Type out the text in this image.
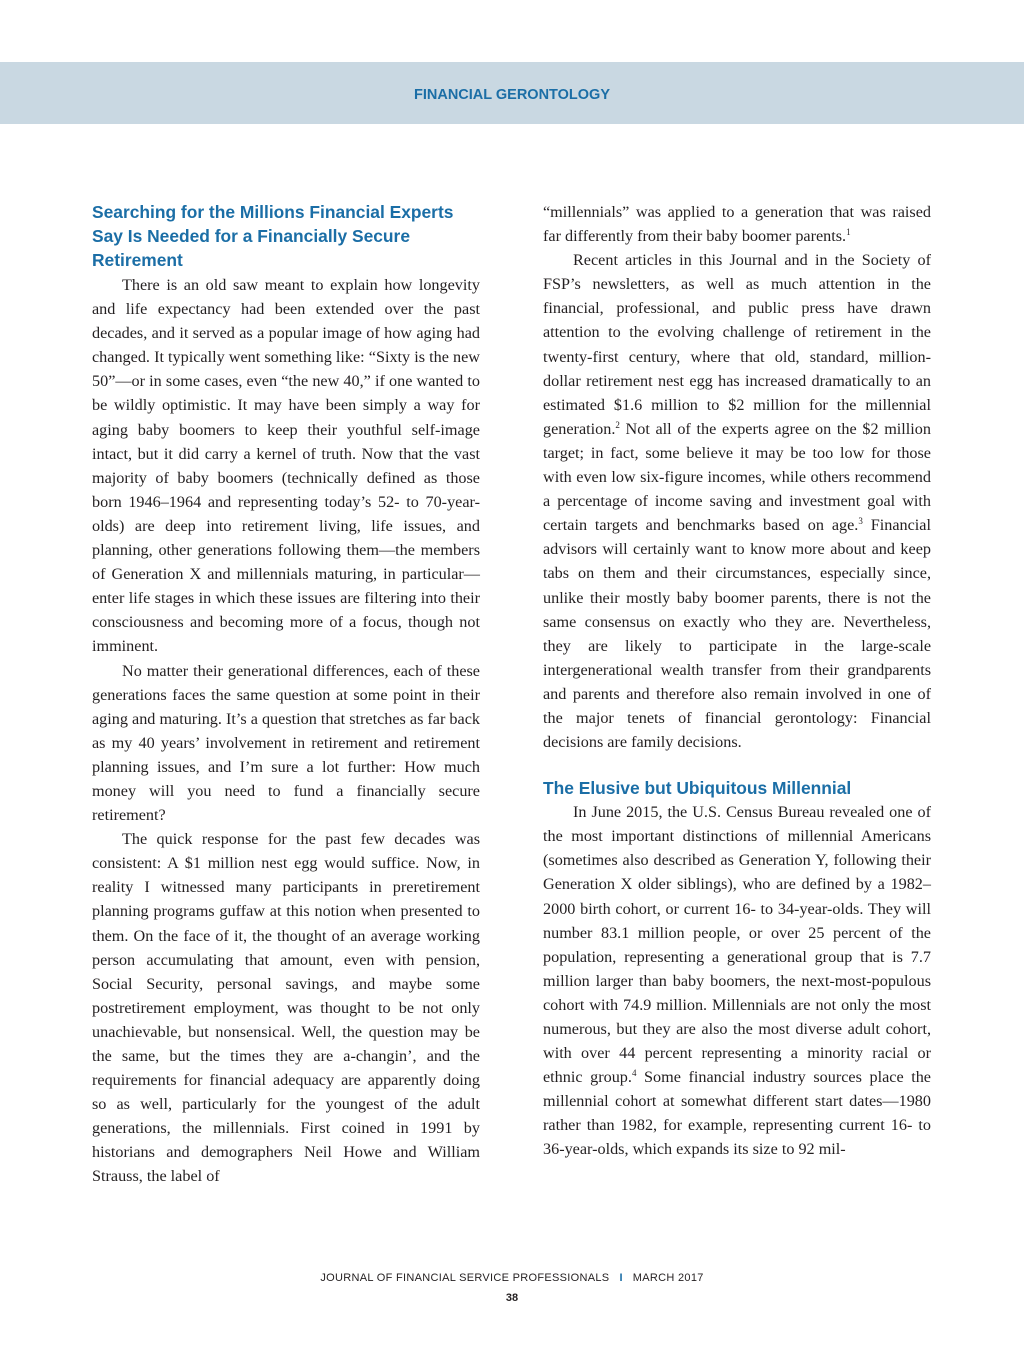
FINANCIAL GERONTOLOGY
Searching for the Millions Financial Experts Say Is Needed for a Financially Secure Retirement

There is an old saw meant to explain how longevity and life expectancy had been extended over the past decades, and it served as a popular image of how aging had changed. It typically went something like: “Sixty is the new 50”—or in some cases, even “the new 40,” if one wanted to be wildly optimistic. It may have been simply a way for aging baby boomers to keep their youthful self-image intact, but it did carry a kernel of truth. Now that the vast majority of baby boomers (technically defined as those born 1946–1964 and representing today’s 52- to 70-year-olds) are deep into retirement living, life issues, and planning, other generations following them—the members of Generation X and millennials maturing, in particular—enter life stages in which these issues are filtering into their consciousness and becoming more of a focus, though not imminent.

No matter their generational differences, each of these generations faces the same question at some point in their aging and maturing. It’s a question that stretches as far back as my 40 years’ involvement in retirement and retirement planning issues, and I’m sure a lot further: How much money will you need to fund a financially secure retirement?

The quick response for the past few decades was consistent: A $1 million nest egg would suffice. Now, in reality I witnessed many participants in preretirement planning programs guffaw at this notion when presented to them. On the face of it, the thought of an average working person accumulating that amount, even with pension, Social Security, personal savings, and maybe some postretirement employment, was thought to be not only unachievable, but nonsensical. Well, the question may be the same, but the times they are a-changin’, and the requirements for financial adequacy are apparently doing so as well, particularly for the youngest of the adult generations, the millennials. First coined in 1991 by historians and demographers Neil Howe and William Strauss, the label of

“millennials” was applied to a generation that was raised far differently from their baby boomer parents.$^1$

Recent articles in this Journal and in the Society of FSP’s newsletters, as well as much attention in the financial, professional, and public press have drawn attention to the evolving challenge of retirement in the twenty-first century, where that old, standard, million-dollar retirement nest egg has increased dramatically to an estimated $1.6 million to $2 million for the millennial generation.$^2$ Not all of the experts agree on the $2 million target; in fact, some believe it may be too low for those with even low six-figure incomes, while others recommend a percentage of income saving and investment goal with certain targets and benchmarks based on age.$^3$ Financial advisors will certainly want to know more about and keep tabs on them and their circumstances, especially since, unlike their mostly baby boomer parents, there is not the same consensus on exactly who they are. Nevertheless, they are likely to participate in the large-scale intergenerational wealth transfer from their grandparents and parents and therefore also remain involved in one of the major tenets of financial gerontology: Financial decisions are family decisions.

The Elusive but Ubiquitous Millennial

In June 2015, the U.S. Census Bureau revealed one of the most important distinctions of millennial Americans (sometimes also described as Generation Y, following their Generation X older siblings), who are defined by a 1982–2000 birth cohort, or current 16- to 34-year-olds. They will number 83.1 million people, or over 25 percent of the population, representing a generational group that is 7.7 million larger than baby boomers, the next-most-populous cohort with 74.9 million. Millennials are not only the most numerous, but they are also the most diverse adult cohort, with over 44 percent representing a minority racial or ethnic group.$^4$ Some financial industry sources place the millennial cohort at somewhat different start dates—1980 rather than 1982, for example, representing current 16- to 36-year-olds, which expands its size to 92 mil-

JOURNAL OF FINANCIAL SERVICE PROFESSIONALS I MARCH 2017
38
